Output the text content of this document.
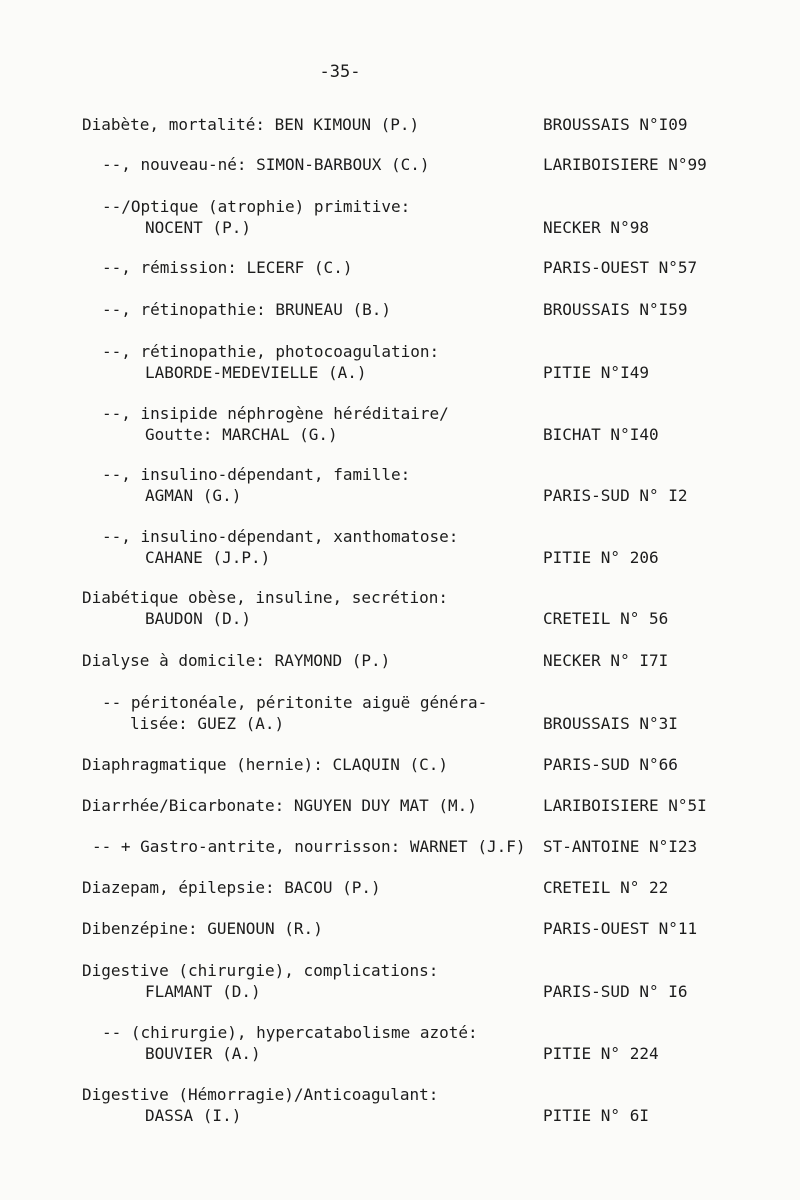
-35-
Diabète, mortalité: BEN KIMOUN (P.)	BROUSSAIS N°I09
--, nouveau-né: SIMON-BARBOUX (C.)	LARIBOISIERE N°99
--/Optique (atrophie) primitive:
NOCENT (P.)	NECKER N°98
--, rémission: LECERF (C.)	PARIS-OUEST N°57
--, rétinopathie: BRUNEAU (B.)	BROUSSAIS N°I59
--, rétinopathie, photocoagulation:
LABORDE-MEDEVIELLE (A.)	PITIE N°I49
--, insipide néphrogène héréditaire/
Goutte: MARCHAL (G.)	BICHAT N°I40
--, insulino-dépendant, famille:
AGMAN (G.)	PARIS-SUD N° I2
--, insulino-dépendant, xanthomatose:
CAHANE (J.P.)	PITIE N° 206
Diabétique obèse, insuline, secrétion:
BAUDON (D.)	CRETEIL N° 56
Dialyse à domicile: RAYMOND (P.)	NECKER N° I7I
-- péritonéale, péritonite aiguë généra-
lisée: GUEZ (A.)	BROUSSAIS N°3I
Diaphragmatique (hernie): CLAQUIN (C.)	PARIS-SUD N°66
Diarrhée/Bicarbonate: NGUYEN DUY MAT (M.)	LARIBOISIERE N°5I
-- + Gastro-antrite, nourrisson: WARNET (J.F) ST-ANTOINE N°I23
Diazepam, épilepsie: BACOU (P.)	CRETEIL N° 22
Dibenzépine: GUENOUN (R.)	PARIS-OUEST N°11
Digestive (chirurgie), complications:
FLAMANT (D.)	PARIS-SUD N° I6
-- (chirurgie), hypercatabolisme azoté:
BOUVIER (A.)	PITIE N° 224
Digestive (Hémorragie)/Anticoagulant:
DASSA (I.)	PITIE N° 6I
